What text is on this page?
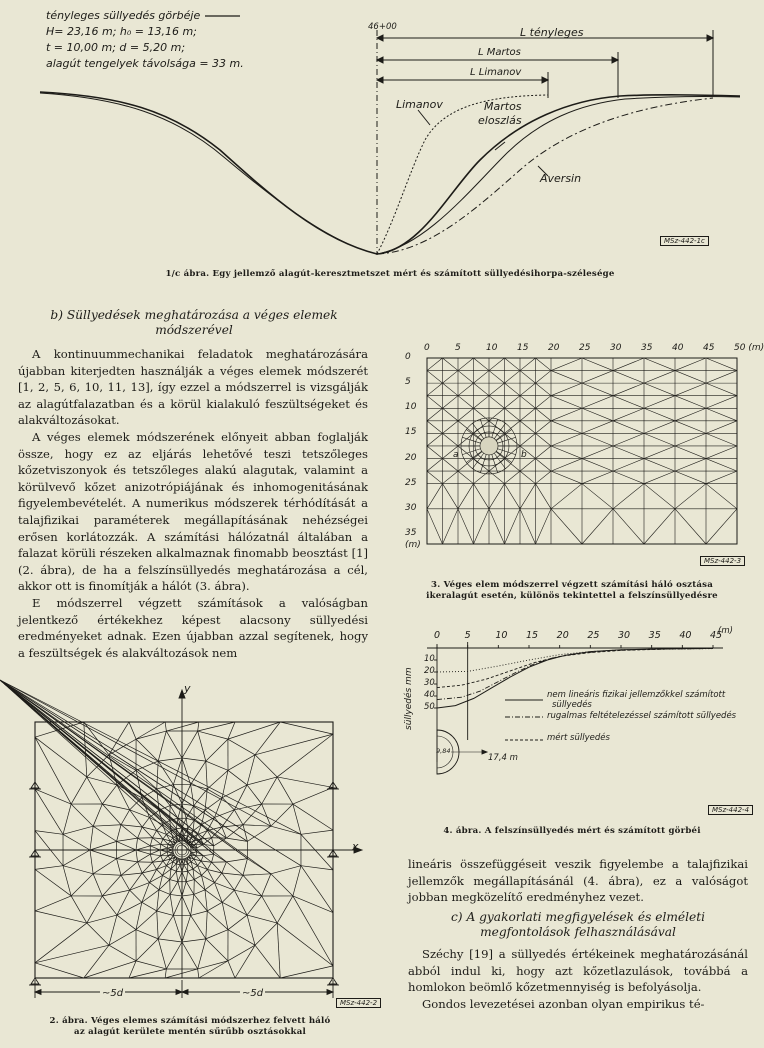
tényleges süllyedés görbéje
H= 23,16 m; h₀ = 13,16 m;
t = 10,00 m; d = 5,20 m;
alagút tengelyek távolsága = 33 m.
46+00	L tényleges
L Martos
L Limanov
Limanov	Martos
eloszlás
Aversin
MSz-442-1c
1/c ábra. Egy jellemző alagút-keresztmetszet mért és számított süllyedésihorpa-szélesége
b) Süllyedések meghatározása a véges elemek
módszerével

A kontinuummechanikai feladatok meghatározására újabban kiterjedten használják a véges elemek módszerét [1, 2, 5, 6, 10, 11, 13], így ezzel a módszerrel is vizsgálják az alagútfalazatban és a körül kialakuló feszültségeket és alakváltozásokat.

A véges elemek módszerének előnyeit abban foglalják össze, hogy ez az eljárás lehetővé teszi tetszőleges kőzetviszonyok és tetszőleges alakú alagutak, valamint a körülvevő kőzet anizotrópiájának és inhomogenitásának figyelembevételét. A numerikus módszerek térhódítását a talajfizikai paraméterek megállapításának nehézségei erősen korlátozzák. A számítási hálózatnál általában a falazat körüli részeken alkalmaznak finomabb beosztást [1] (2. ábra), de ha a felszínsüllyedés meghatározása a cél, akkor ott is finomítják a hálót (3. ábra).

E módszerrel végzett számítások a valóságban jelentkező értékekhez képest alacsony süllyedési eredményeket adnak. Ezen újabban azzal segítenek, hogy a feszültségek és alakváltozások nem

y
x
~5d	~5d
MSz-442-2
2. ábra. Véges elemes számítási módszerhez felvett háló
az alagút kerülete mentén sűrűbb osztásokkal
0	5	10 15 20 25 30 35 40 45 50 (m)
0
5
10
15
20
25
30
35
(m)
a	b
MSz-442-3
3. Véges elem módszerrel végzett számítási háló osztása
ikeralagút esetén, különös tekintettel a felszínsüllyedésre
0	5	10 15 20 25 30 35 40 45
10
20
30
40
50
(m)
süllyedés mm	nem lineáris fizikai jellemzőkkel számított
süllyedés
rugalmas feltételezéssel számított süllyedés
mért süllyedés
17,4 m
9,84
MSz-442-4
4. ábra. A felszínsüllyedés mért és számított görbéi

lineáris összefüggéseit veszik figyelembe a talajfizikai jellemzők megállapításánál (4. ábra), ez a valóságot jobban megközelítő eredményhez vezet.

c) A gyakorlati megfigyelések és elméleti megfontolások felhasználásával

Széchy [19] a süllyedés értékeinek meghatározásánál abból indul ki, hogy azt kőzetlazulások, továbbá a homlokon beömlő kőzetmennyiség is befolyásolja.

Gondos levezetései azonban olyan empirikus té-
